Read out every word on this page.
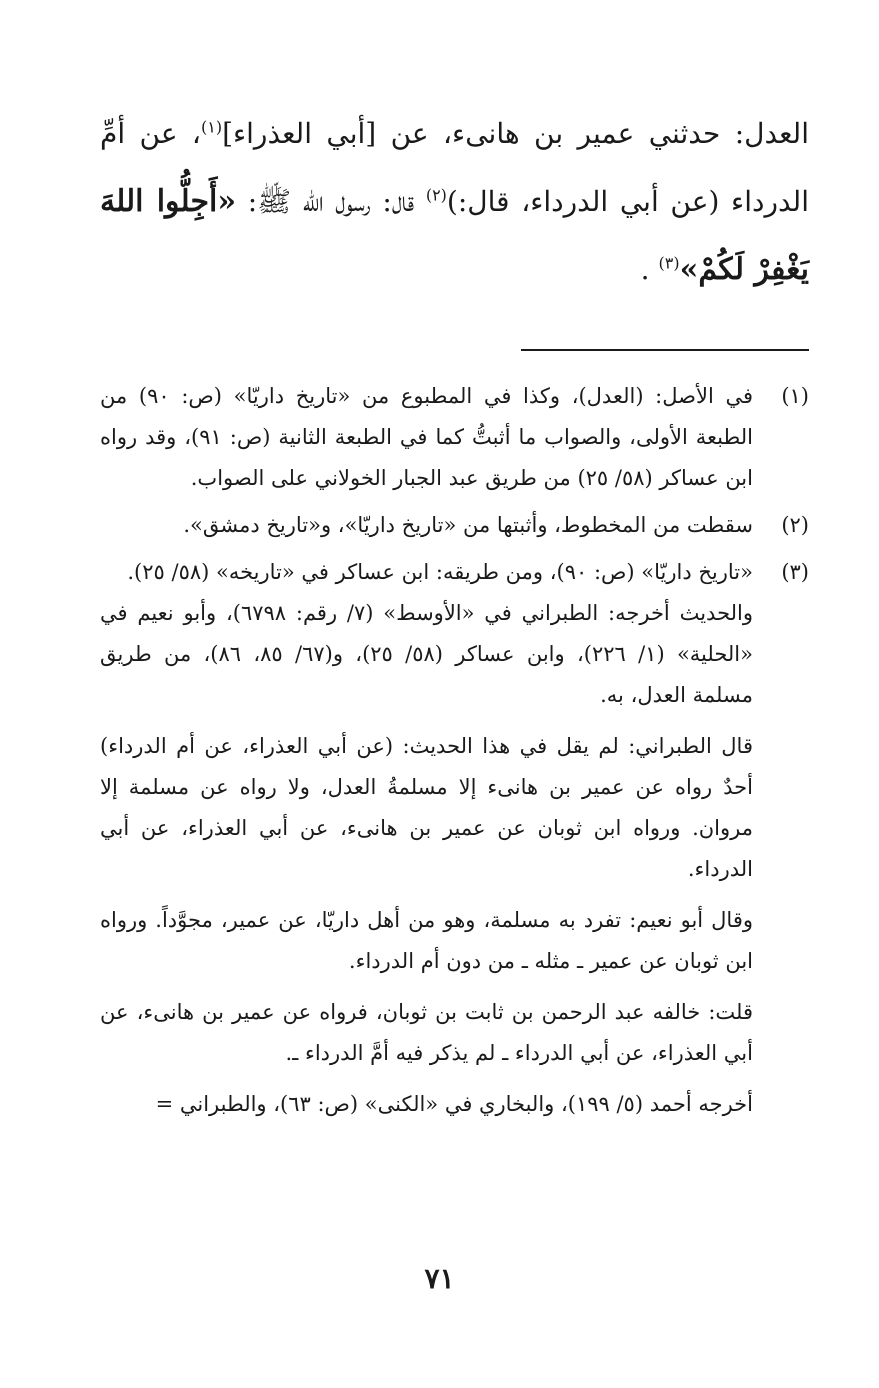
العدل: حدثني عمير بن هانىء، عن [أبي العذراء]$^{(١)}$، عن أمِّ الدرداء (عن أبي الدرداء، قال:)$^{(٢)}$ قال: رسول الله ﷺ: «أَجِلُّوا اللهَ يَغْفِرْ لَكُمْ»$^{(٣)}$ .
(١)

في الأصل: (العدل)، وكذا في المطبوع من «تاريخ داريّا» (ص: ٩٠) من الطبعة الأولى، والصواب ما أثبتُّ كما في الطبعة الثانية (ص: ٩١)، وقد رواه ابن عساكر (٥٨/ ٢٥) من طريق عبد الجبار الخولاني على الصواب.

(٢)

سقطت من المخطوط، وأثبتها من «تاريخ داريّا»، و«تاريخ دمشق».

(٣)

«تاريخ داريّا» (ص: ٩٠)، ومن طريقه: ابن عساكر في «تاريخه» (٥٨/ ٢٥).

والحديث أخرجه: الطبراني في «الأوسط» (٧/ رقم: ٦٧٩٨)، وأبو نعيم في «الحلية» (١/ ٢٢٦)، وابن عساكر (٥٨/ ٢٥)، و(٦٧/ ٨٥، ٨٦)، من طريق مسلمة العدل، به.

قال الطبراني: لم يقل في هذا الحديث: (عن أبي العذراء، عن أم الدرداء) أحدٌ رواه عن عمير بن هانىء إلا مسلمةُ العدل، ولا رواه عن مسلمة إلا مروان. ورواه ابن ثوبان عن عمير بن هانىء، عن أبي العذراء، عن أبي الدرداء.

وقال أبو نعيم: تفرد به مسلمة، وهو من أهل داريّا، عن عمير، مجوَّداً. ورواه ابن ثوبان عن عمير ـ مثله ـ من دون أم الدرداء.

قلت: خالفه عبد الرحمن بن ثابت بن ثوبان، فرواه عن عمير بن هانىء، عن أبي العذراء، عن أبي الدرداء ـ لم يذكر فيه أمَّ الدرداء ـ.

أخرجه أحمد (٥/ ١٩٩)، والبخاري في «الكنى» (ص: ٦٣)، والطبراني =

٧١
